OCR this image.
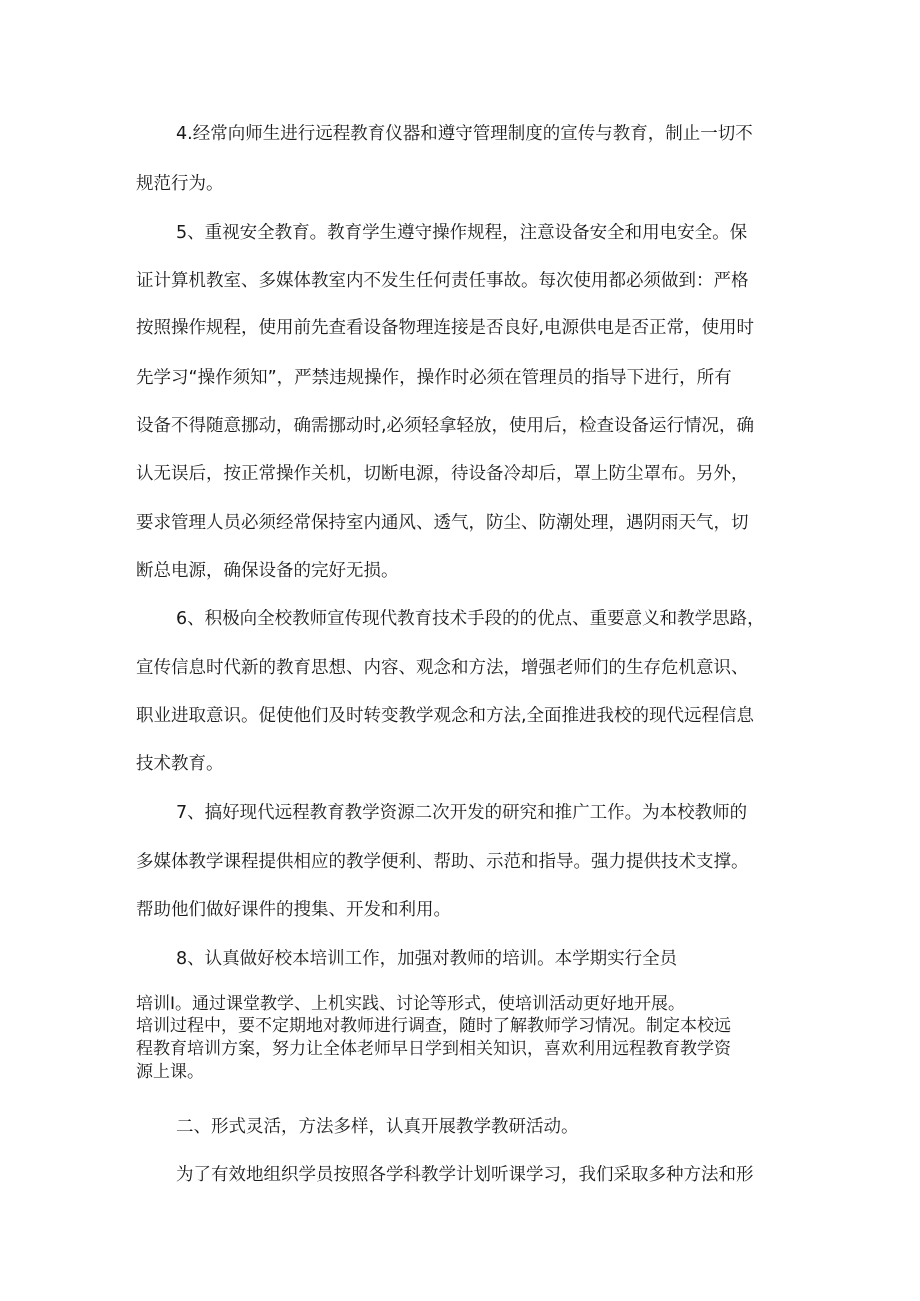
4.经常向师生进行远程教育仪器和遵守管理制度的宣传与教育，制止一切不
规范行为。
5、重视安全教育。教育学生遵守操作规程，注意设备安全和用电安全。保
证计算机教室、多媒体教室内不发生任何责任事故。每次使用都必须做到：严格
按照操作规程，使用前先查看设备物理连接是否良好,电源供电是否正常，使用时
先学习“操作须知”，严禁违规操作，操作时必须在管理员的指导下进行，所有
设备不得随意挪动，确需挪动时,必须轻拿轻放，使用后，检查设备运行情况，确
认无误后，按正常操作关机，切断电源，待设备冷却后，罩上防尘罩布。另外，
要求管理人员必须经常保持室内通风、透气，防尘、防潮处理，遇阴雨天气，切
断总电源，确保设备的完好无损。
6、积极向全校教师宣传现代教育技术手段的的优点、重要意义和教学思路，
宣传信息时代新的教育思想、内容、观念和方法，增强老师们的生存危机意识、
职业进取意识。促使他们及时转变教学观念和方法,全面推进我校的现代远程信息
技术教育。
7、搞好现代远程教育教学资源二次开发的研究和推广工作。为本校教师的
多媒体教学课程提供相应的教学便利、帮助、示范和指导。强力提供技术支撑。
帮助他们做好课件的搜集、开发和利用。
8、认真做好校本培训工作，加强对教师的培训。本学期实行全员
培训I。通过课堂教学、上机实践、讨论等形式，使培训活动更好地开展。
培训过程中，要不定期地对教师进行调查，随时了解教师学习情况。制定本校远
程教育培训方案，努力让全体老师早日学到相关知识，喜欢利用远程教育教学资
源上课。
二、形式灵活，方法多样，认真开展教学教研活动。
为了有效地组织学员按照各学科教学计划听课学习，我们采取多种方法和形
